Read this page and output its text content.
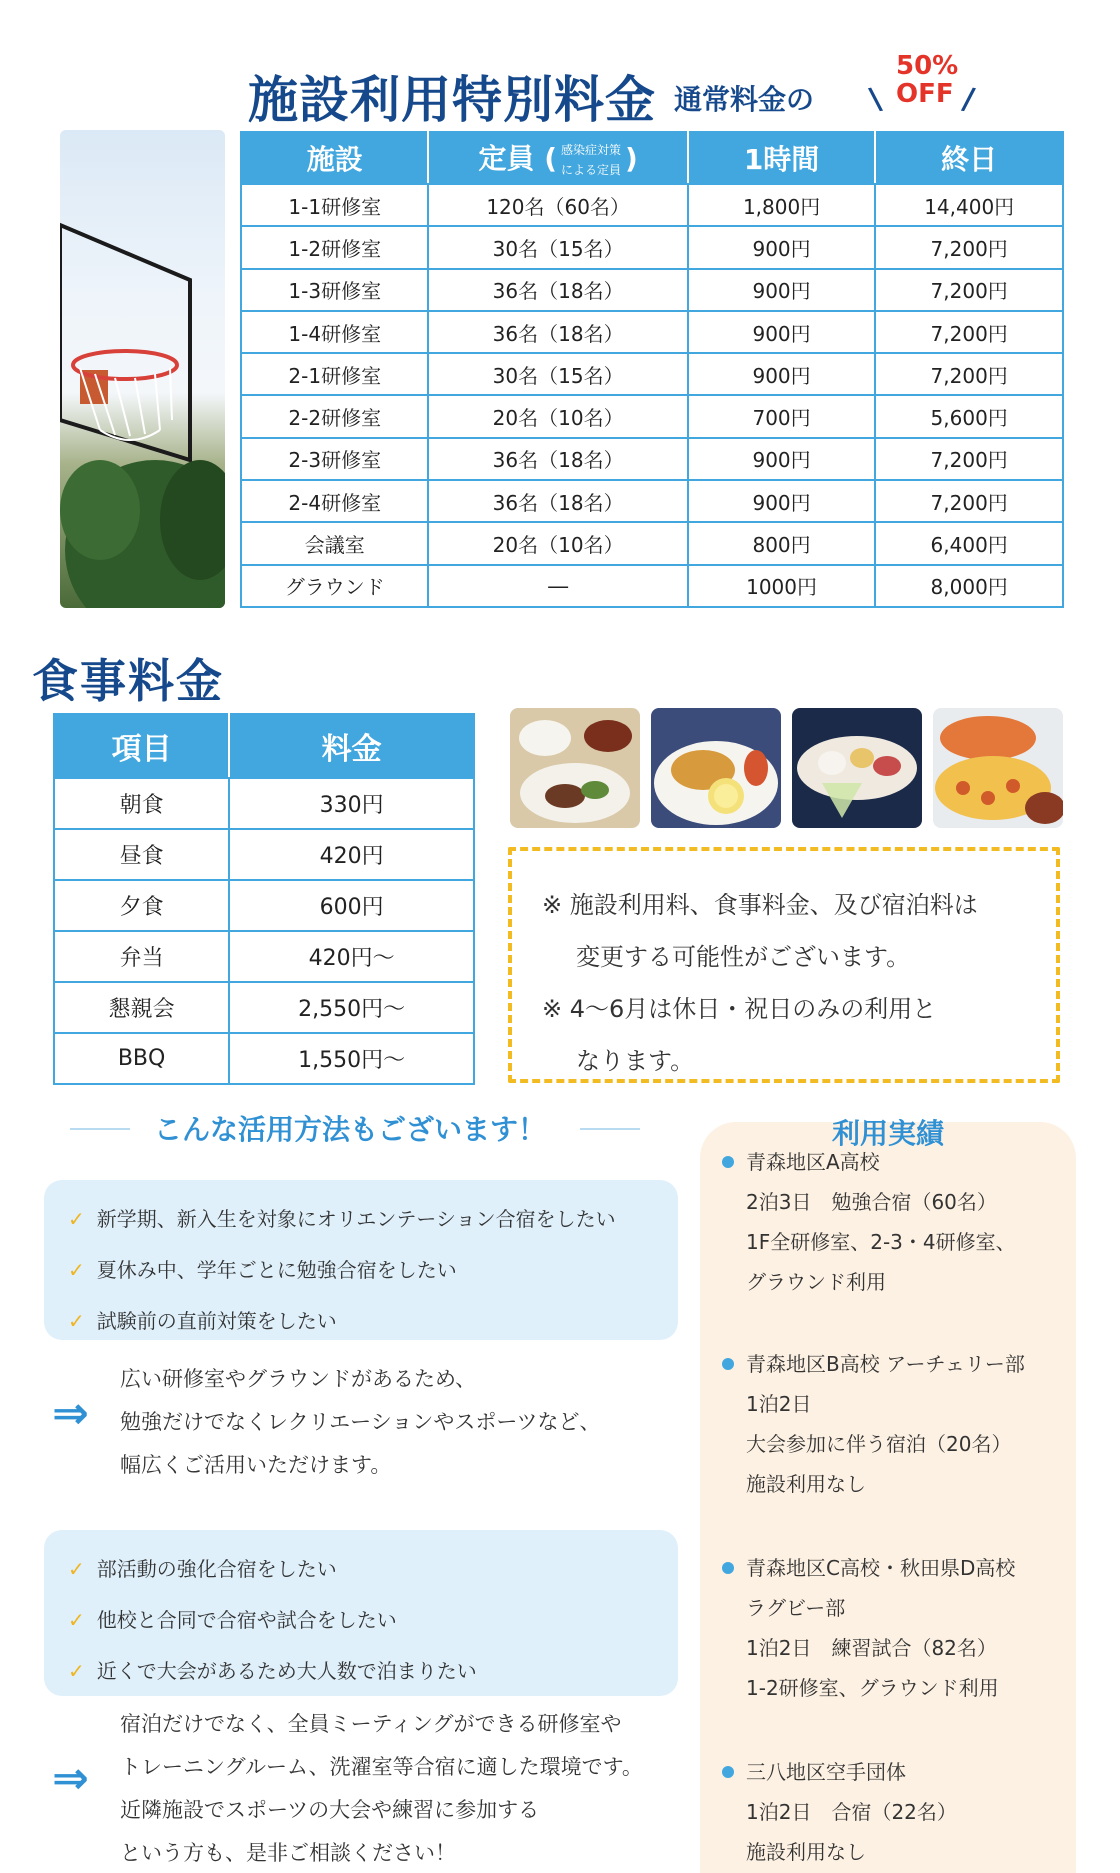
施設利用特別料金 通常料金の \
50%
OFF /
施設	定員 ( 感染症対策
による定員 )	1時間	終日
1-1研修室	120名（60名）	1,800円	14,400円
1-2研修室	30名（15名）	900円	7,200円
1-3研修室	36名（18名）	900円	7,200円
1-4研修室	36名（18名）	900円	7,200円
2-1研修室	30名（15名）	900円	7,200円
2-2研修室	20名（10名）	700円	5,600円
2-3研修室	36名（18名）	900円	7,200円
2-4研修室	36名（18名）	900円	7,200円
会議室	20名（10名）	800円	6,400円
グラウンド	―	1000円	8,000円
食事料金
項目	料金
朝食	330円
昼食	420円
夕食	600円
弁当	420円～
懇親会	2,550円～
BBQ	1,550円～

※ 施設利用料、食事料金、及び宿泊料は

変更する可能性がございます。

※ 4～6月は休日・祝日のみの利用と

なります。

こんな活用方法もございます！
✓ 新学期、新入生を対象にオリエンテーション合宿をしたい
✓ 夏休み中、学年ごとに勉強合宿をしたい
✓ 試験前の直前対策をしたい
⇒
広い研修室やグラウンドがあるため、
勉強だけでなくレクリエーションやスポーツなど、
幅広くご活用いただけます。
✓ 部活動の強化合宿をしたい
✓ 他校と合同で合宿や試合をしたい
✓ 近くで大会があるため大人数で泊まりたい
⇒
宿泊だけでなく、全員ミーティングができる研修室や
トレーニングルーム、洗濯室等合宿に適した環境です。
近隣施設でスポーツの大会や練習に参加する
という方も、是非ご相談ください！
利用実績
青森地区A高校
2泊3日　勉強合宿（60名）
1F全研修室、2-3・4研修室、
グラウンド利用
青森地区B高校 アーチェリー部
1泊2日
大会参加に伴う宿泊（20名）
施設利用なし
青森地区C高校・秋田県D高校
ラグビー部
1泊2日　練習試合（82名）
1-2研修室、グラウンド利用
三八地区空手団体
1泊2日　合宿（22名）
施設利用なし
